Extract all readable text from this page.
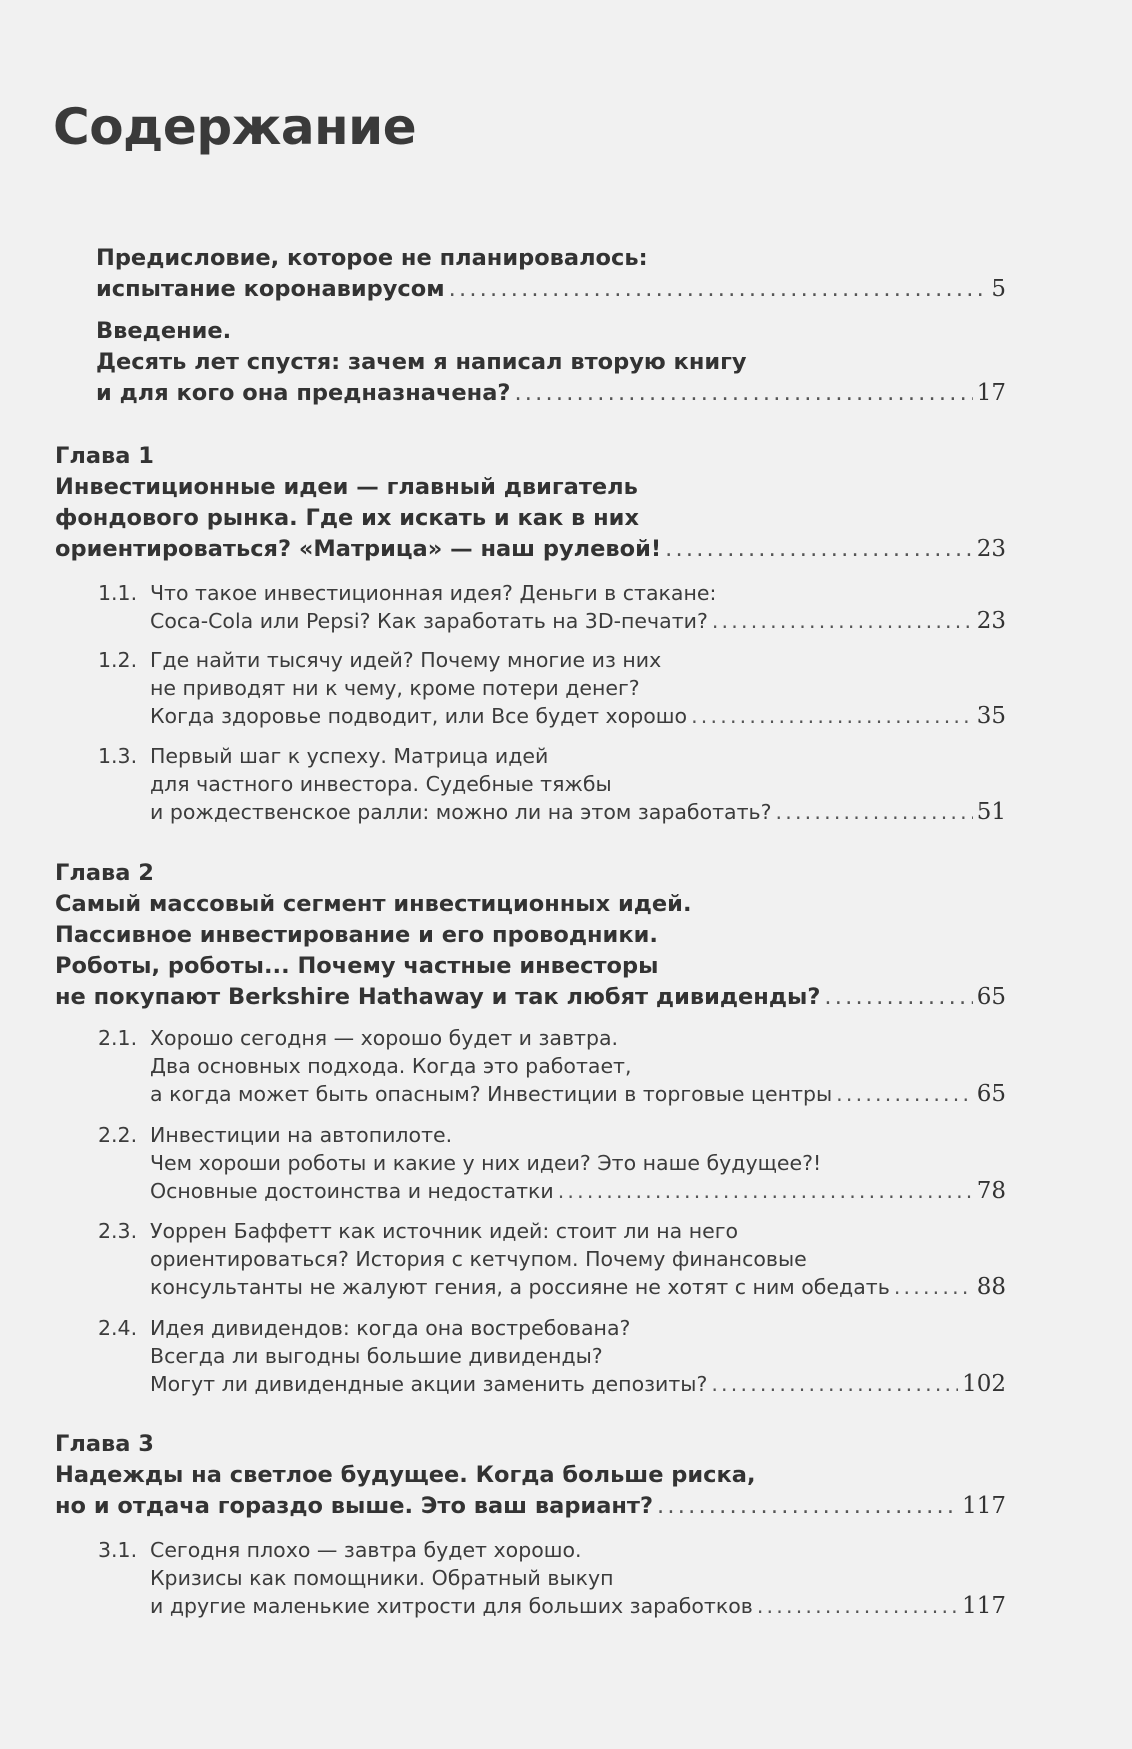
Содержание
Предисловие, которое не планировалось:
испытание коронавирусом .....	5
Введение.
Десять лет спустя: зачем я написал вторую книгу
и для кого она предназначена? .....	17
Глава 1
Инвестиционные идеи — главный двигатель
фондового рынка. Где их искать и как в них
ориентироваться? «Матрица» — наш рулевой! .....	23
1.1. Что такое инвестиционная идея? Деньги в стакане:
Coca-Cola или Pepsi? Как заработать на 3D-печати? .....	23
1.2. Где найти тысячу идей? Почему многие из них
не приводят ни к чему, кроме потери денег?
Когда здоровье подводит, или Все будет хорошо .....	35
1.3. Первый шаг к успеху. Матрица идей
для частного инвестора. Судебные тяжбы
и рождественское ралли: можно ли на этом заработать? .....	51
Глава 2
Самый массовый сегмент инвестиционных идей.
Пассивное инвестирование и его проводники.
Роботы, роботы... Почему частные инвесторы
не покупают Berkshire Hathaway и так любят дивиденды? .....	65
2.1. Хорошо сегодня — хорошо будет и завтра.
Два основных подхода. Когда это работает,
а когда может быть опасным? Инвестиции в торговые центры .....	65
2.2. Инвестиции на автопилоте.
Чем хороши роботы и какие у них идеи? Это наше будущее?!
Основные достоинства и недостатки .....	78
2.3. Уоррен Баффетт как источник идей: стоит ли на него
ориентироваться? История с кетчупом. Почему финансовые
консультанты не жалуют гения, а россияне не хотят с ним обедать .....	88
2.4. Идея дивидендов: когда она востребована?
Всегда ли выгодны большие дивиденды?
Могут ли дивидендные акции заменить депозиты? .....	102
Глава 3
Надежды на светлое будущее. Когда больше риска,
но и отдача гораздо выше. Это ваш вариант? .....	117
3.1. Сегодня плохо — завтра будет хорошо.
Кризисы как помощники. Обратный выкуп
и другие маленькие хитрости для больших заработков .....	117
